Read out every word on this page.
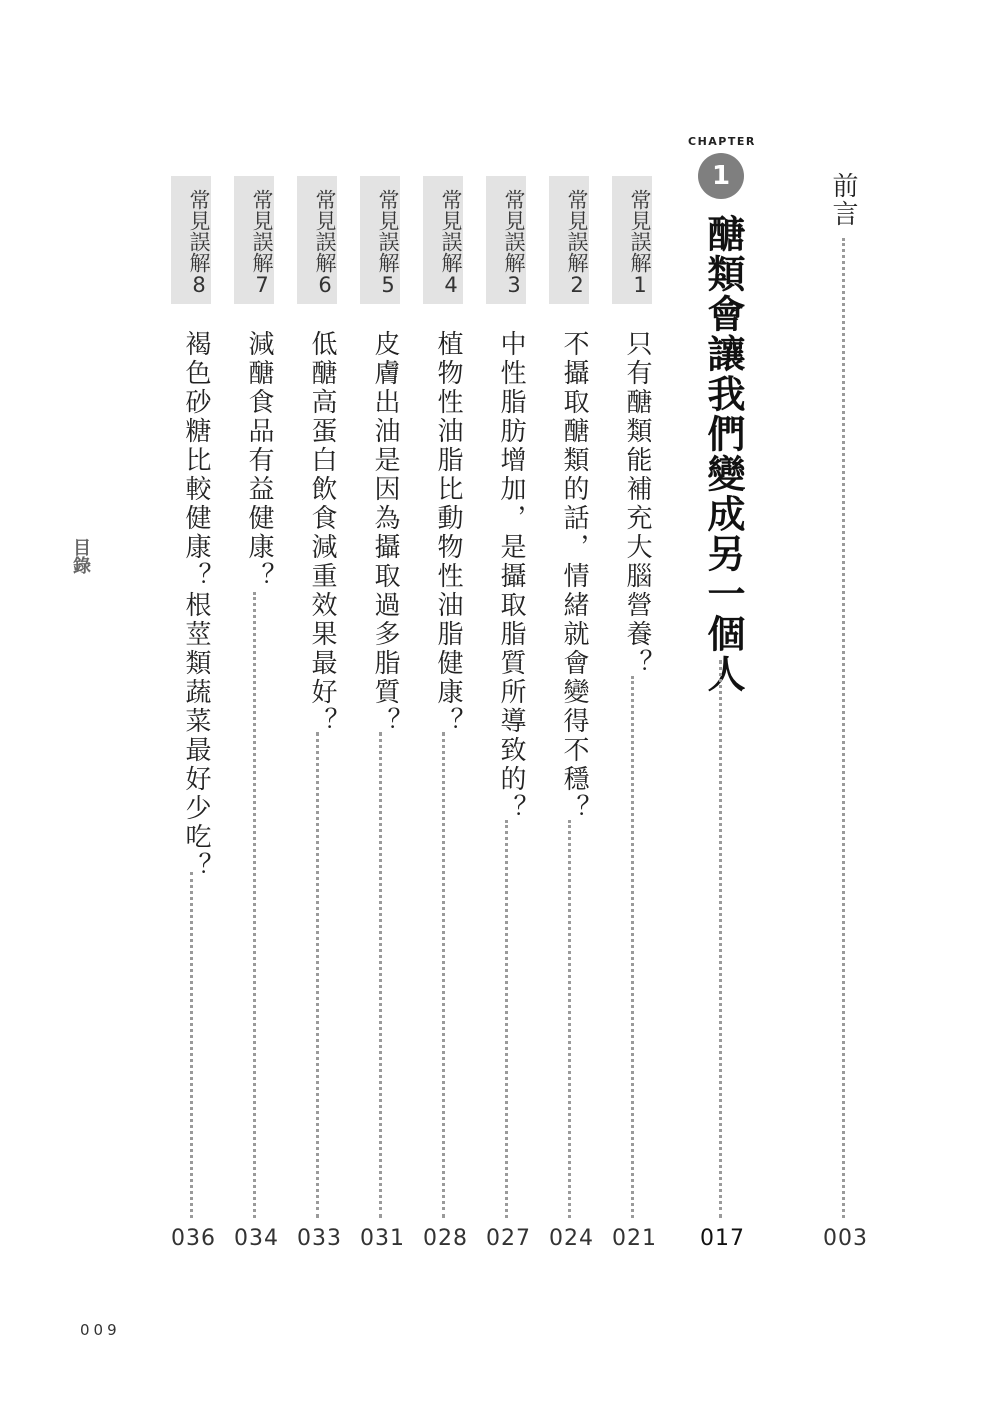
目錄
009
前言
003
CHAPTER
1
醣類會讓我們變成另一個人
017
常見誤解1
只有醣類能補充大腦營養？
021
常見誤解2
不攝取醣類的話，情緒就會變得不穩？
024
常見誤解3
中性脂肪增加，是攝取脂質所導致的？
027
常見誤解4
植物性油脂比動物性油脂健康？
028
常見誤解5
皮膚出油是因為攝取過多脂質？
031
常見誤解6
低醣高蛋白飲食減重效果最好？
033
常見誤解7
減醣食品有益健康？
034
常見誤解8
褐色砂糖比較健康？根莖類蔬菜最好少吃？
036
